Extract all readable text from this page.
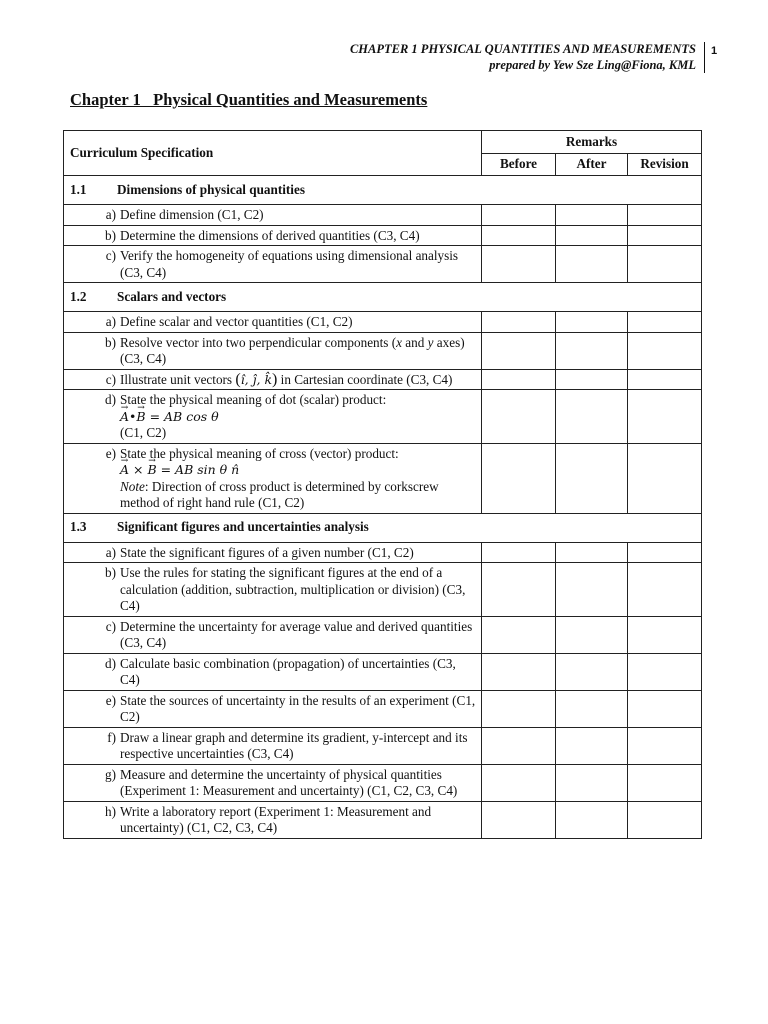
CHAPTER 1 PHYSICAL QUANTITIES AND MEASUREMENTS
prepared by Yew Sze Ling@Fiona, KML
1
Chapter 1   Physical Quantities and Measurements
Curriculum Specification	Remarks		
	Before	After	Revision
1.1 Dimensions of physical quantities			

a) Define dimension (C1, C2)			

b) Determine the dimensions of derived quantities (C3, C4)			

c) Verify the homogeneity of equations using dimensional analysis (C3, C4)			

1.2 Scalars and vectors			

a) Define scalar and vector quantities (C1, C2)			

b) Resolve vector into two perpendicular components (x and y axes) (C3, C4)			

c) Illustrate unit vectors (î, ĵ, k̂) in Cartesian coordinate (C3, C4)			

d) State the physical meaning of dot (scalar) product:
→ A•→ B = AB cos θ
(C1, C2)

e) State the physical meaning of cross (vector) product:
→ A × → B = AB sin θ n̂
Note: Direction of cross product is determined by corkscrew method of right hand rule (C1, C2)

1.3 Significant figures and uncertainties analysis			

a) State the significant figures of a given number (C1, C2)			

b) Use the rules for stating the significant figures at the end of a calculation (addition, subtraction, multiplication or division) (C3, C4)			

c) Determine the uncertainty for average value and derived quantities (C3, C4)			

d) Calculate basic combination (propagation) of uncertainties (C3, C4)			

e) State the sources of uncertainty in the results of an experiment (C1, C2)			

f) Draw a linear graph and determine its gradient, y-intercept and its respective uncertainties (C3, C4)			

g) Measure and determine the uncertainty of physical quantities (Experiment 1: Measurement and uncertainty) (C1, C2, C3, C4)			

h) Write a laboratory report (Experiment 1: Measurement and uncertainty) (C1, C2, C3, C4)			
